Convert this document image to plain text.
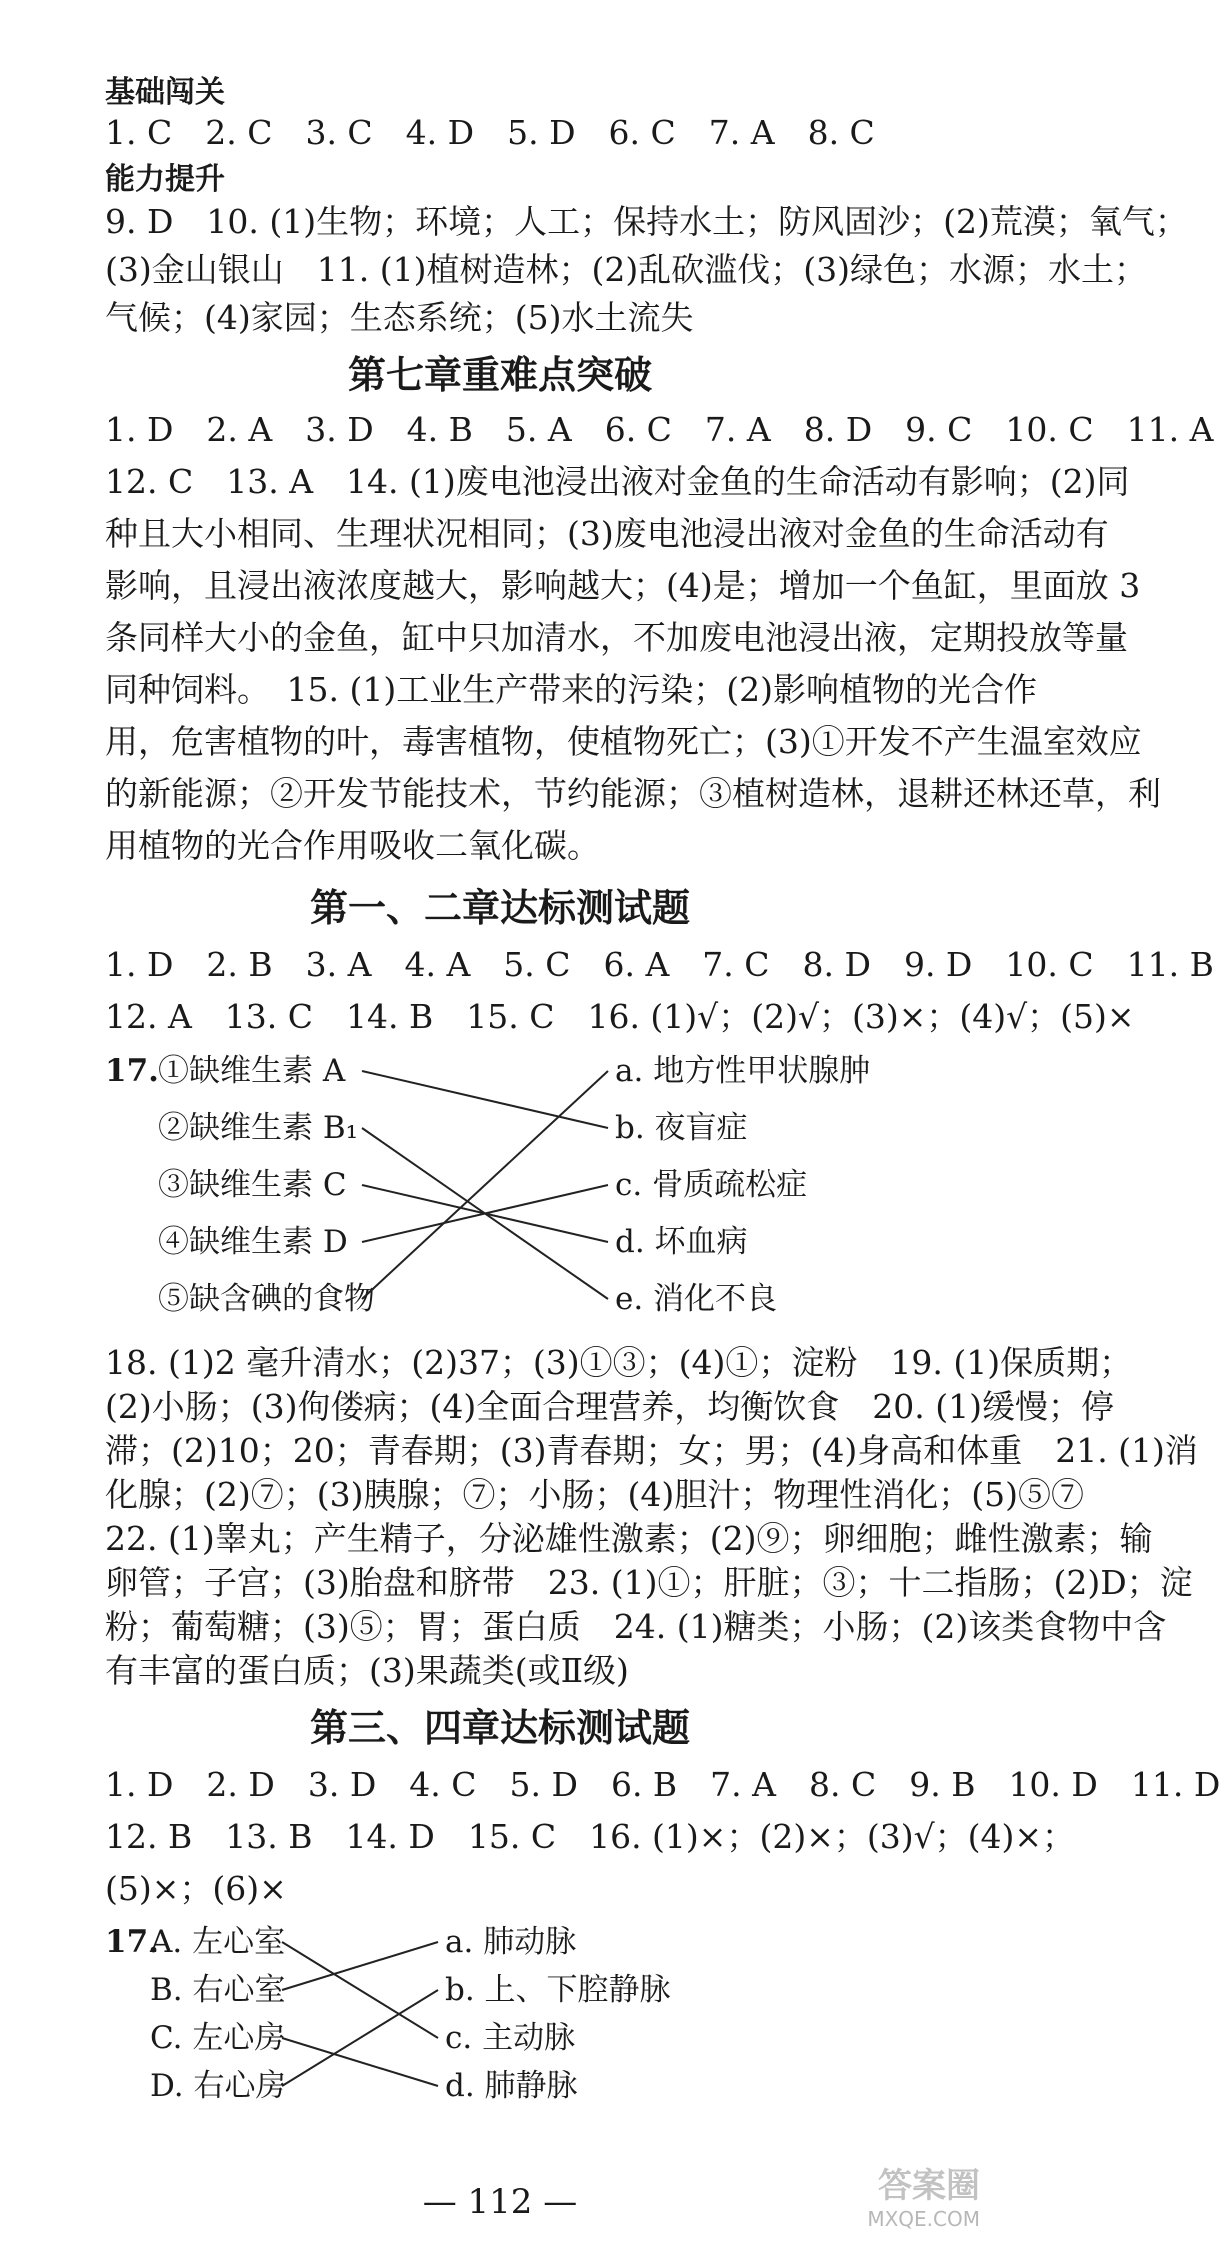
基础闯关
1. C　2. C　3. C　4. D　5. D　6. C　7. A　8. C
能力提升
9. D　10. (1)生物；环境；人工；保持水土；防风固沙；(2)荒漠；氧气；
(3)金山银山　11. (1)植树造林；(2)乱砍滥伐；(3)绿色；水源；水土；
气候；(4)家园；生态系统；(5)水土流失
第七章重难点突破
1. D　2. A　3. D　4. B　5. A　6. C　7. A　8. D　9. C　10. C　11. A
12. C　13. A　14. (1)废电池浸出液对金鱼的生命活动有影响；(2)同
种且大小相同、生理状况相同；(3)废电池浸出液对金鱼的生命活动有
影响，且浸出液浓度越大，影响越大；(4)是；增加一个鱼缸，里面放 3
条同样大小的金鱼，缸中只加清水，不加废电池浸出液，定期投放等量
同种饲料。　15. (1)工业生产带来的污染；(2)影响植物的光合作
用，危害植物的叶，毒害植物，使植物死亡；(3)①开发不产生温室效应
的新能源；②开发节能技术，节约能源；③植树造林，退耕还林还草，利
用植物的光合作用吸收二氧化碳。
第一、二章达标测试题
1. D　2. B　3. A　4. A　5. C　6. A　7. C　8. D　9. D　10. C　11. B
12. A　13. C　14. B　15. C　16. (1)√；(2)√；(3)×；(4)√；(5)×
17. ①缺维生素 A
②缺维生素 B₁
③缺维生素 C
④缺维生素 D
⑤缺含碘的食物
a. 地方性甲状腺肿
b. 夜盲症
c. 骨质疏松症
d. 坏血病
e. 消化不良
第三、四章达标测试题
1. D　2. D　3. D　4. C　5. D　6. B　7. A　8. C　9. B　10. D　11. D
12. B　13. B　14. D　15. C　16. (1)×；(2)×；(3)√；(4)×；
(5)×；(6)×
17.
A. 左心室
B. 右心室
C. 左心房
D. 右心房
a. 肺动脉
b. 上、下腔静脉
c. 主动脉
d. 肺静脉
18. (1)2 毫升清水；(2)37；(3)①③；(4)①；淀粉　19. (1)保质期；
(2)小肠；(3)佝偻病；(4)全面合理营养，均衡饮食　20. (1)缓慢；停
滞；(2)10；20；青春期；(3)青春期；女；男；(4)身高和体重　21. (1)消
化腺；(2)⑦；(3)胰腺；⑦；小肠；(4)胆汁；物理性消化；(5)⑤⑦
22. (1)睾丸；产生精子，分泌雄性激素；(2)⑨；卵细胞；雌性激素；输
卵管；子宫；(3)胎盘和脐带　23. (1)①；肝脏；③；十二指肠；(2)D；淀
粉；葡萄糖；(3)⑤；胃；蛋白质　24. (1)糖类；小肠；(2)该类食物中含
有丰富的蛋白质；(3)果蔬类(或Ⅱ级)
— 112 —	答案圈
MXQE.COM
